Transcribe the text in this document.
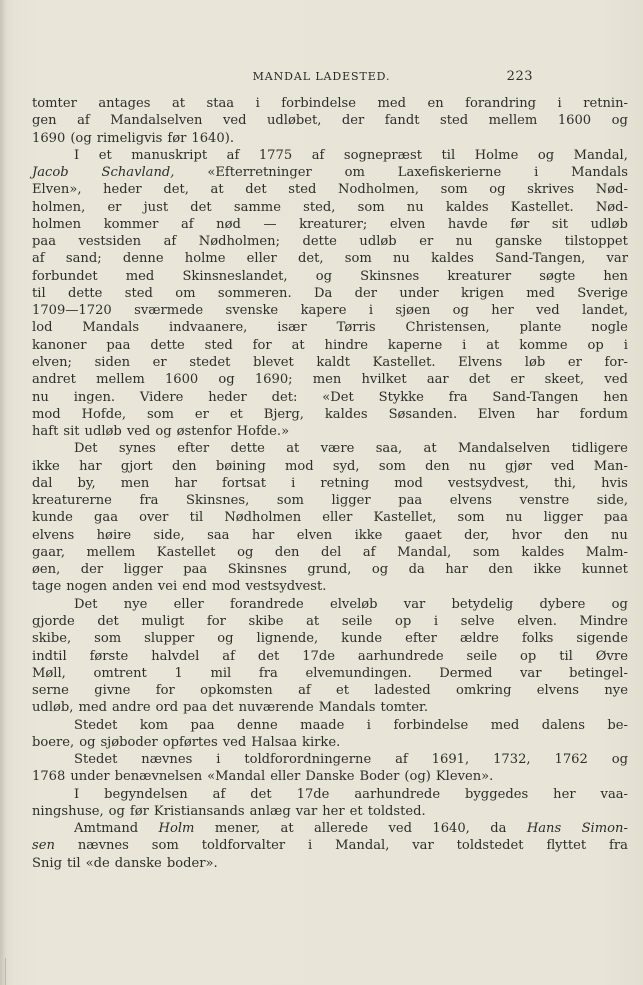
MANDAL LADESTED.	223
tomter antages at staa i forbindelse med en forandring i retnin-
gen af Mandalselven ved udløbet, der fandt sted mellem 1600 og
1690 (og rimeligvis før 1640).
I et manuskript af 1775 af sognepræst til Holme og Mandal,
Jacob	Schavland,	«Efterretninger	om	Laxefiskerierne	i	Mandals
Elven», heder det, at det sted Nodholmen, som og skrives Nød-
holmen, er just det samme sted, som nu kaldes Kastellet. Nød-
holmen kommer af nød — kreaturer; elven havde før sit udløb
paa vestsiden af Nødholmen; dette udløb er nu ganske tilstoppet
af sand; denne holme eller det, som nu kaldes Sand-Tangen, var
forbundet med Skinsneslandet, og Skinsnes kreaturer søgte hen
til dette sted om sommeren. Da der under krigen med Sverige
1709—1720 sværmede svenske kapere i sjøen og her ved landet,
lod Mandals indvaanere, især Tørris Christensen, plante nogle
kanoner paa dette sted for at hindre kaperne i at komme op i
elven; siden er stedet blevet kaldt Kastellet. Elvens løb er for-
andret mellem 1600 og 1690; men hvilket aar det er skeet, ved
nu ingen. Videre heder det: «Det Stykke fra Sand-Tangen hen
mod Hofde, som er et Bjerg, kaldes Søsanden. Elven har fordum
haft sit udløb ved og østenfor Hofde.»
Det synes efter dette at være saa, at Mandalselven tidligere
ikke har gjort den bøining mod syd, som den nu gjør ved Man-
dal by, men har fortsat i retning mod vestsydvest, thi, hvis
kreaturerne fra Skinsnes, som ligger paa elvens venstre side,
kunde gaa over til Nødholmen eller Kastellet, som nu ligger paa
elvens høire side, saa har elven ikke gaaet der, hvor den nu
gaar, mellem Kastellet og den del af Mandal, som kaldes Malm-
øen, der ligger paa Skinsnes grund, og da har den ikke kunnet
tage nogen anden vei end mod vestsydvest.
Det nye eller forandrede elveløb var betydelig dybere og
gjorde det muligt for skibe at seile op i selve elven. Mindre
skibe, som slupper og lignende, kunde efter ældre folks sigende
indtil første halvdel af det 17de aarhundrede seile op til Øvre
Møll, omtrent 1 mil fra elvemundingen. Dermed var betingel-
serne givne for opkomsten af et ladested omkring elvens nye
udløb, med andre ord paa det nuværende Mandals tomter.
Stedet kom paa denne maade i forbindelse med dalens be-
boere, og sjøboder opførtes ved Halsaa kirke.
Stedet nævnes i toldforordningerne af 1691, 1732, 1762 og
1768 under benævnelsen «Mandal eller Danske Boder (og) Kleven».
I begyndelsen af det 17de aarhundrede byggedes her vaa-
ningshuse, og før Kristiansands anlæg var her et toldsted.
Amtmand Holm mener, at allerede ved 1640, da Hans Simon-
sen nævnes som toldforvalter i Mandal, var toldstedet flyttet fra
Snig til «de danske boder».
